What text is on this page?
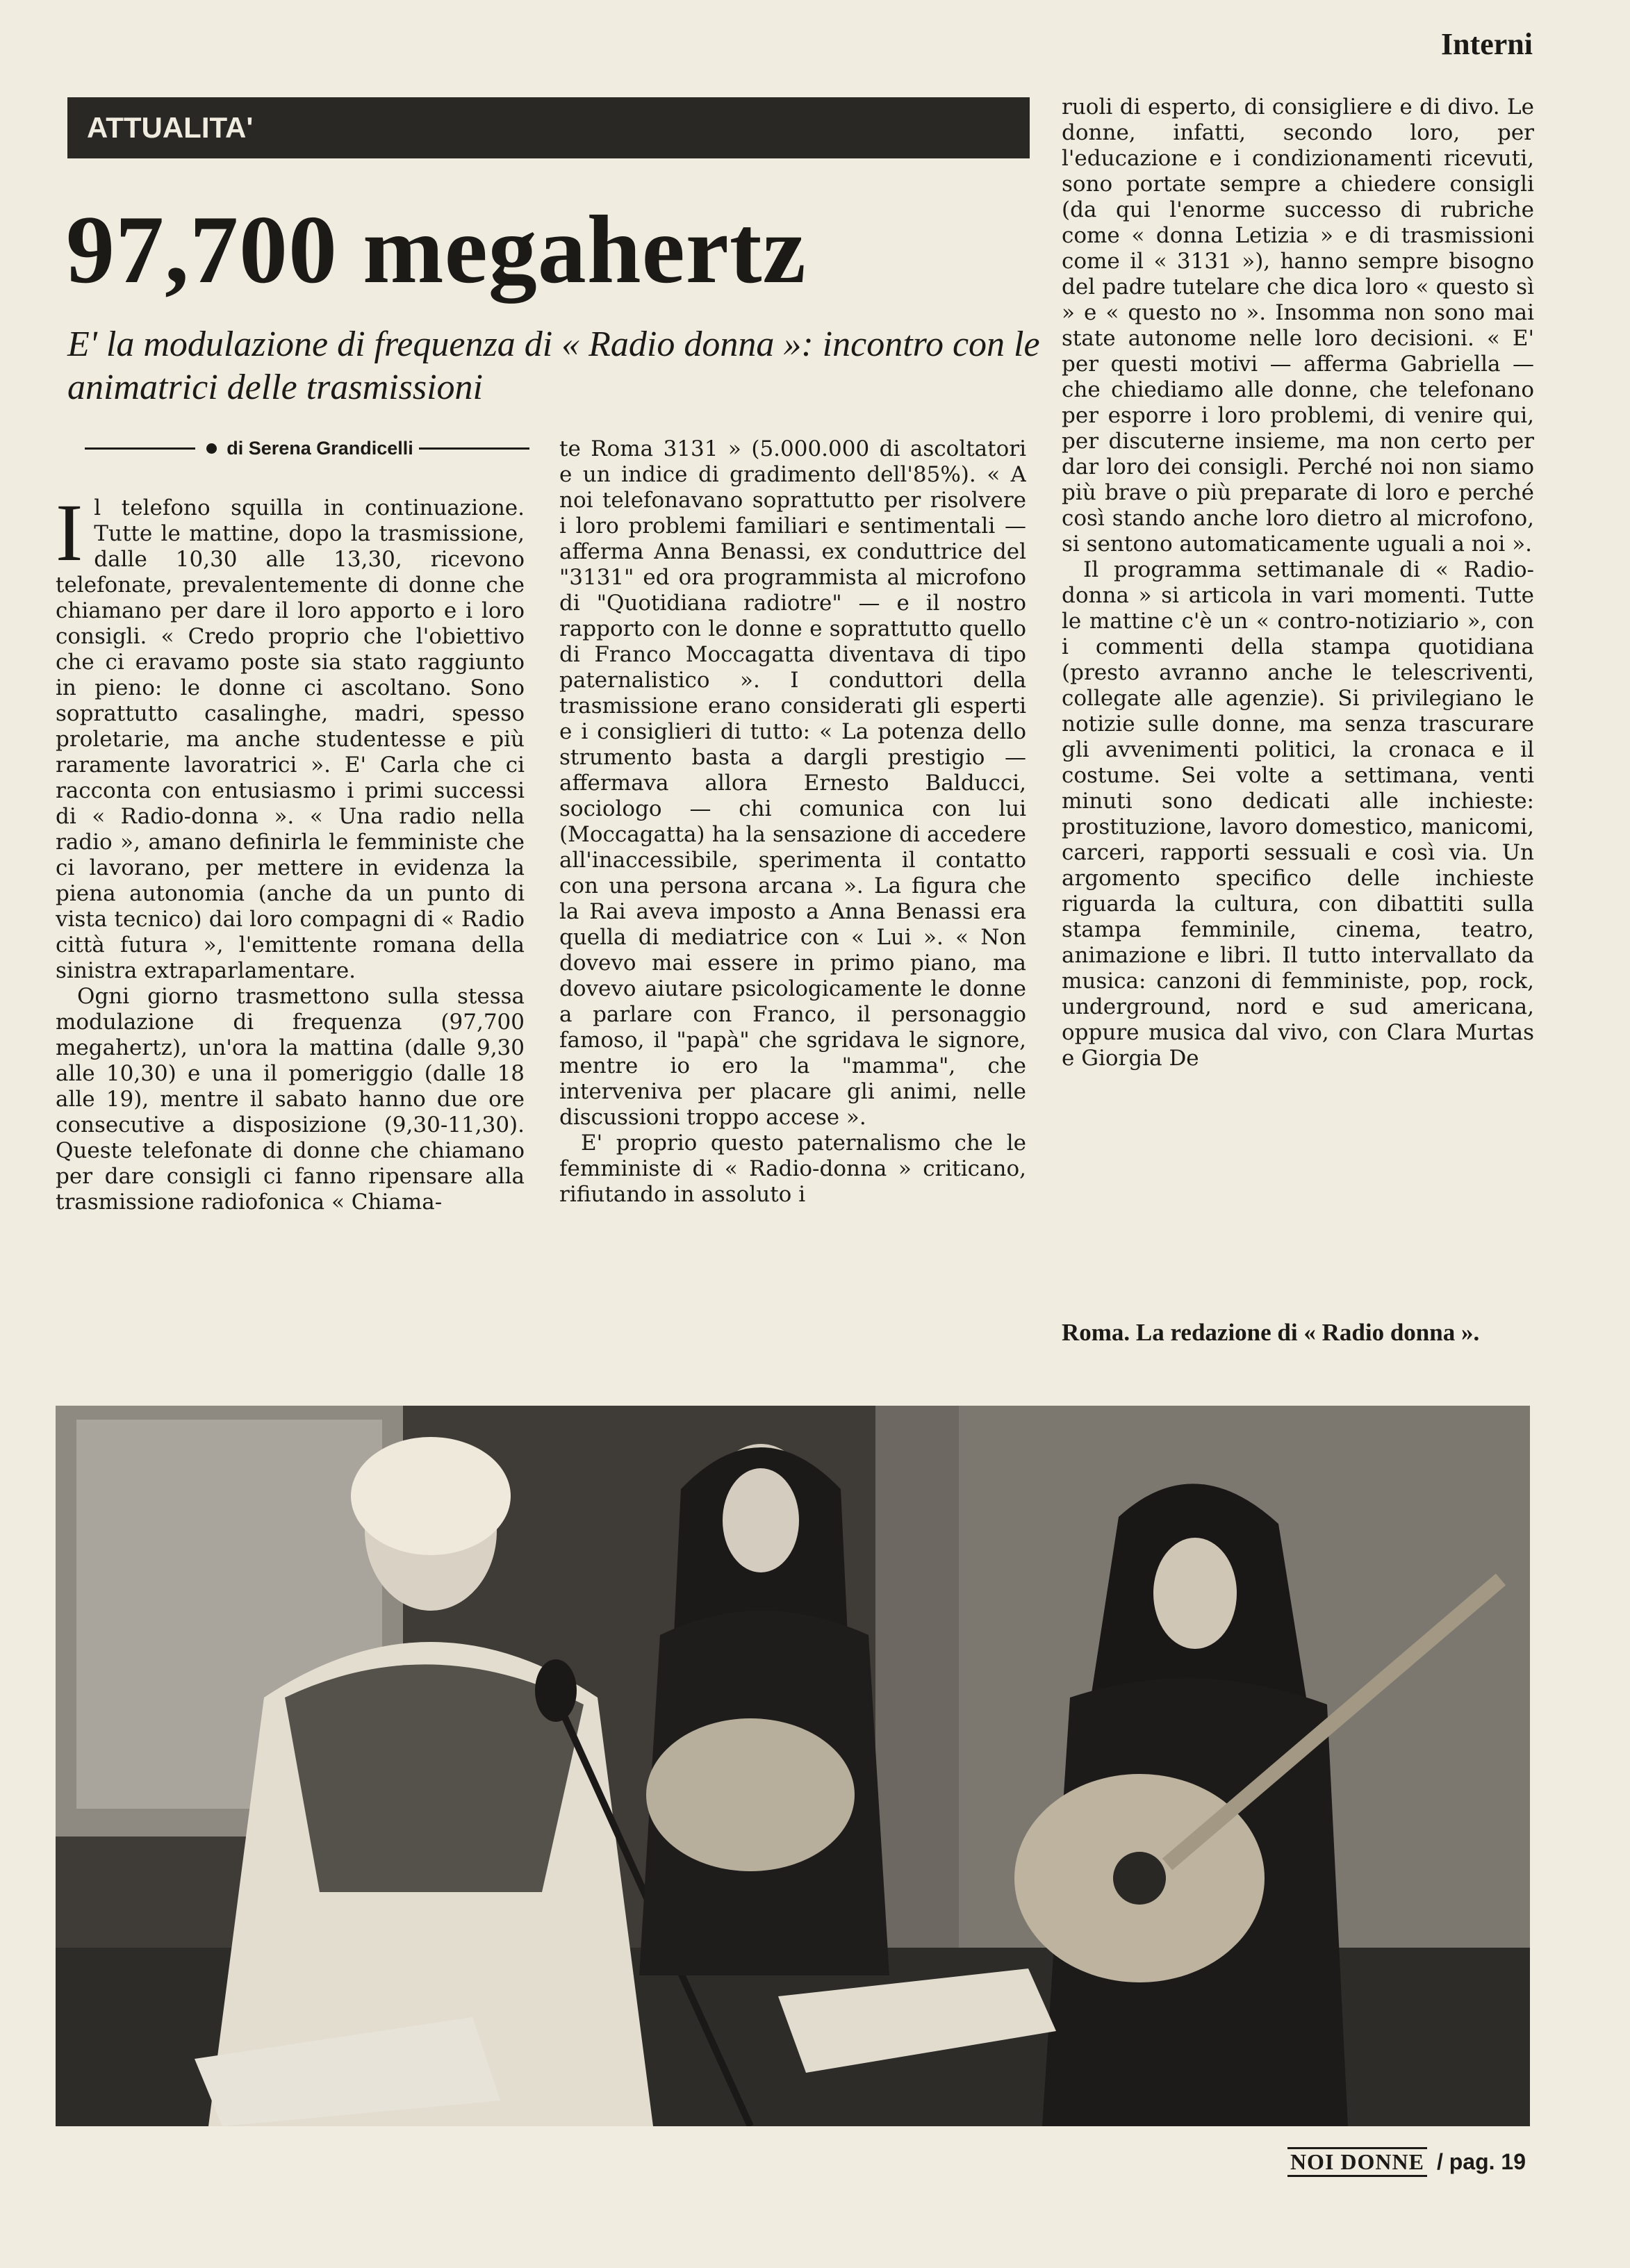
Interni
ATTUALITA'
97,700 megahertz

E' la modulazione di frequenza di « Radio donna »: incontro con le animatrici delle trasmissioni

di Serena Grandicelli
I l telefono squilla in continuazione. Tutte le mattine, dopo la trasmissione, dalle 10,30 alle 13,30, ricevono telefonate, prevalentemente di donne che chiamano per dare il loro apporto e i loro consigli. « Credo proprio che l'obiettivo che ci eravamo poste sia stato raggiunto in pieno: le donne ci ascoltano. Sono soprattutto casalinghe, madri, spesso proletarie, ma anche studentesse e più raramente lavoratrici ». E' Carla che ci racconta con entusiasmo i primi successi di « Radio-donna ». « Una radio nella radio », amano definirla le femministe che ci lavorano, per mettere in evidenza la piena autonomia (anche da un punto di vista tecnico) dai loro compagni di « Radio città futura », l'emittente romana della sinistra extraparlamentare.
 Ogni giorno trasmettono sulla stessa modulazione di frequenza (97,700 megahertz), un'ora la mattina (dalle 9,30 alle 10,30) e una il pomeriggio (dalle 18 alle 19), mentre il sabato hanno due ore consecutive a disposizione (9,30-11,30). Queste telefonate di donne che chiamano per dare consigli ci fanno ripensare alla trasmissione radiofonica « Chiama-
te Roma 3131 » (5.000.000 di ascoltatori e un indice di gradimento dell'85%). « A noi telefonavano soprattutto per risolvere i loro problemi familiari e sentimentali — afferma Anna Benassi, ex conduttrice del "3131" ed ora programmista al microfono di "Quotidiana radiotre" — e il nostro rapporto con le donne e soprattutto quello di Franco Moccagatta diventava di tipo paternalistico ». I conduttori della trasmissione erano considerati gli esperti e i consiglieri di tutto: « La potenza dello strumento basta a dargli prestigio — affermava allora Ernesto Balducci, sociologo — chi comunica con lui (Moccagatta) ha la sensazione di accedere all'inaccessibile, sperimenta il contatto con una persona arcana ». La figura che la Rai aveva imposto a Anna Benassi era quella di mediatrice con « Lui ». « Non dovevo mai essere in primo piano, ma dovevo aiutare psicologicamente le donne a parlare con Franco, il personaggio famoso, il "papà" che sgridava le signore, mentre io ero la "mamma", che interveniva per placare gli animi, nelle discussioni troppo accese ».
 E' proprio questo paternalismo che le femministe di « Radio-donna » criticano, rifiutando in assoluto i
ruoli di esperto, di consigliere e di divo. Le donne, infatti, secondo loro, per l'educazione e i condizionamenti ricevuti, sono portate sempre a chiedere consigli (da qui l'enorme successo di rubriche come « donna Letizia » e di trasmissioni come il « 3131 »), hanno sempre bisogno del padre tutelare che dica loro « questo sì » e « questo no ». Insomma non sono mai state autonome nelle loro decisioni. « E' per questi motivi — afferma Gabriella — che chiediamo alle donne, che telefonano per esporre i loro problemi, di venire qui, per discuterne insieme, ma non certo per dar loro dei consigli. Perché noi non siamo più brave o più preparate di loro e perché così stando anche loro dietro al microfono, si sentono automaticamente uguali a noi ».
 Il programma settimanale di « Radio-donna » si articola in vari momenti. Tutte le mattine c'è un « contro-notiziario », con i commenti della stampa quotidiana (presto avranno anche le telescriventi, collegate alle agenzie). Si privilegiano le notizie sulle donne, ma senza trascurare gli avvenimenti politici, la cronaca e il costume. Sei volte a settimana, venti minuti sono dedicati alle inchieste: prostituzione, lavoro domestico, manicomi, carceri, rapporti sessuali e così via. Un argomento specifico delle inchieste riguarda la cultura, con dibattiti sulla stampa femminile, cinema, teatro, animazione e libri. Il tutto intervallato da musica: canzoni di femministe, pop, rock, underground, nord e sud americana, oppure musica dal vivo, con Clara Murtas e Giorgia De

Roma. La redazione di « Radio donna ».

NOI DONNE / pag. 19
